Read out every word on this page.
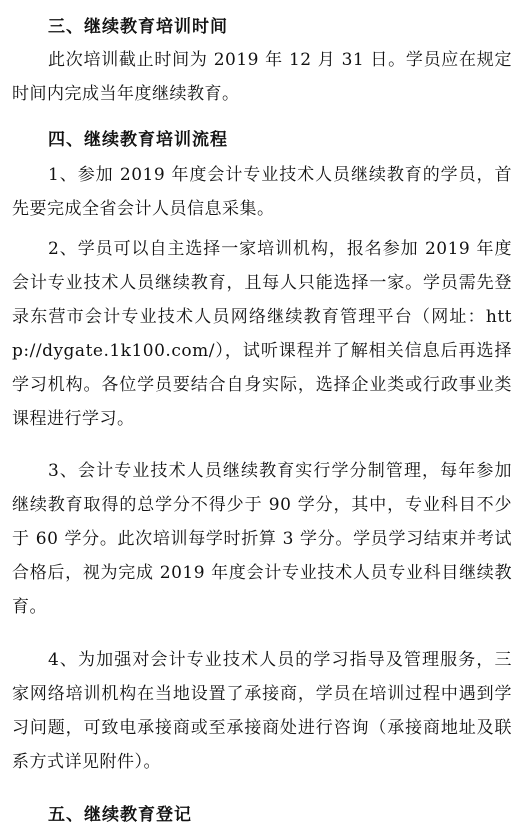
三、继续教育培训时间

此次培训截止时间为 2019 年 12 月 31 日。学员应在规定时间内完成当年度继续教育。

四、继续教育培训流程

1、参加 2019 年度会计专业技术人员继续教育的学员，首先要完成全省会计人员信息采集。

2、学员可以自主选择一家培训机构，报名参加 2019 年度会计专业技术人员继续教育，且每人只能选择一家。学员需先登录东营市会计专业技术人员网络继续教育管理平台（网址：http://dygate.1k100.com/），试听课程并了解相关信息后再选择学习机构。各位学员要结合自身实际，选择企业类或行政事业类课程进行学习。

3、会计专业技术人员继续教育实行学分制管理，每年参加继续教育取得的总学分不得少于 90 学分，其中，专业科目不少于 60 学分。此次培训每学时折算 3 学分。学员学习结束并考试合格后，视为完成 2019 年度会计专业技术人员专业科目继续教育。

4、为加强对会计专业技术人员的学习指导及管理服务，三家网络培训机构在当地设置了承接商，学员在培训过程中遇到学习问题，可致电承接商或至承接商处进行咨询（承接商地址及联系方式详见附件）。

五、继续教育登记
